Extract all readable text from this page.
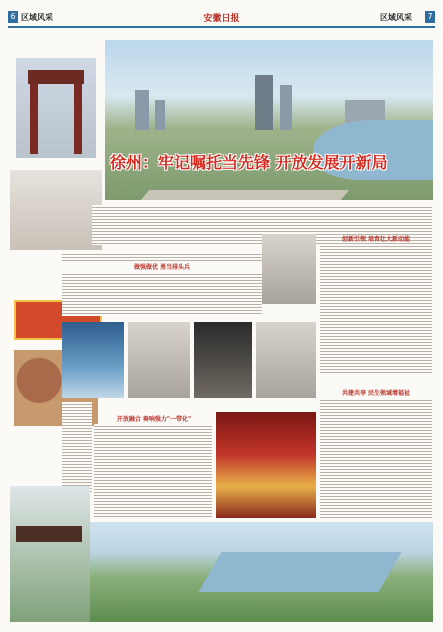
6 区域风采	安徽日报	区域风采	7
徐州：牢记嘱托当先锋 开放发展开新局
做强做优 勇当排头兵
创新引领 培育壮大新动能
共建共享 民生领域增福祉
开放融合 奏响强力"一带化"
